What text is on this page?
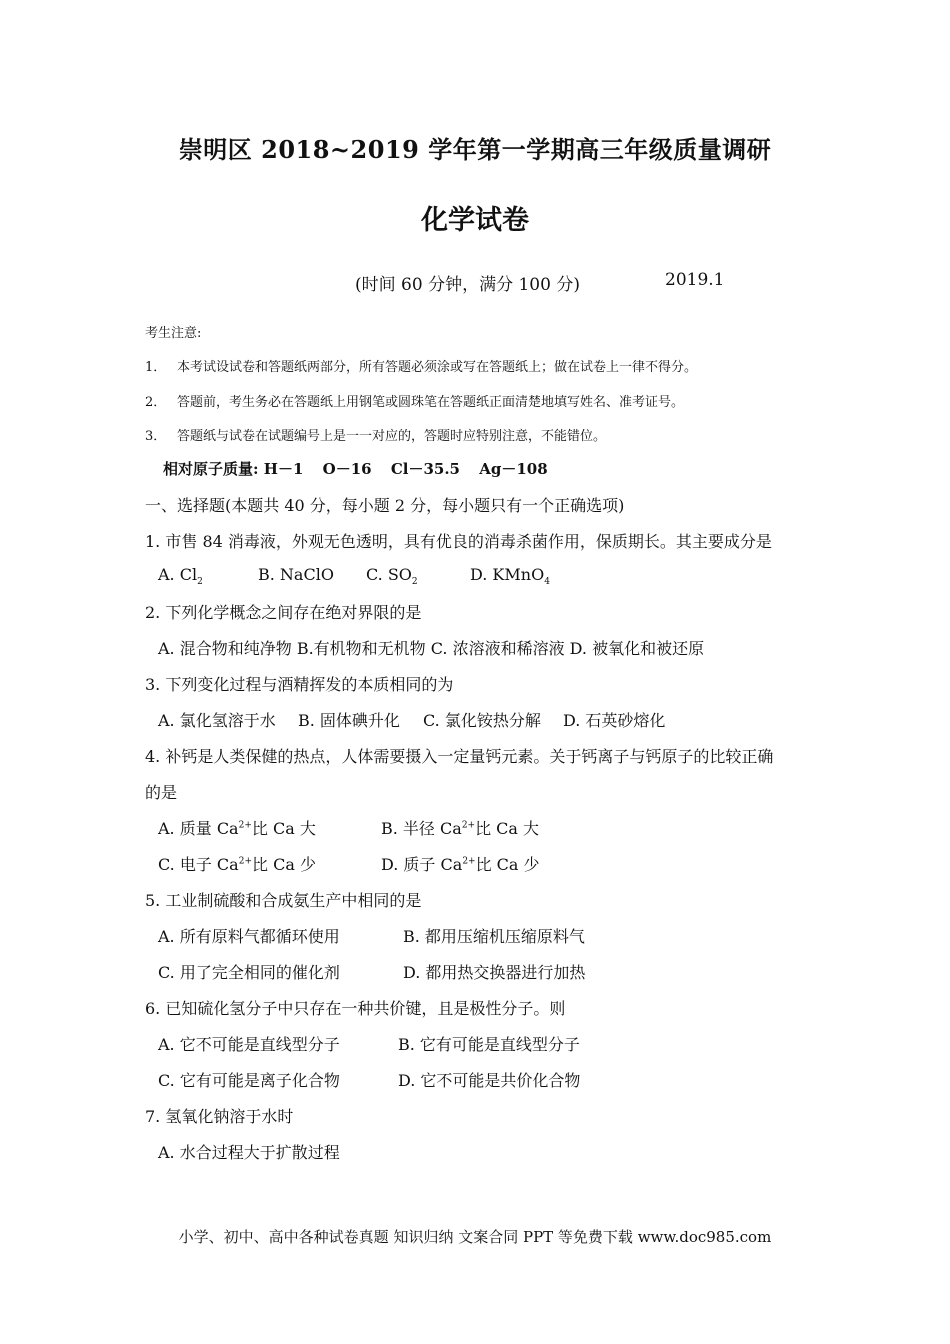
崇明区 2018~2019 学年第一学期高三年级质量调研
化学试卷
(时间 60 分钟，满分 100 分)	2019.1
考生注意:
1． 本考试设试卷和答题纸两部分，所有答题必须涂或写在答题纸上；做在试卷上一律不得分。
2． 答题前，考生务必在答题纸上用钢笔或圆珠笔在答题纸正面清楚地填写姓名、准考证号。
3． 答题纸与试卷在试题编号上是一一对应的，答题时应特别注意，不能错位。
相对原子质量: H－1 O－16 Cl－35.5 Ag－108
一、选择题(本题共 40 分，每小题 2 分，每小题只有一个正确选项)
1. 市售 84 消毒液，外观无色透明，具有优良的消毒杀菌作用，保质期长。其主要成分是
A. $Cl_2$	B. NaClO C. $SO_2$	D. KMnO$_4$
2. 下列化学概念之间存在绝对界限的是
A. 混合物和纯净物 B.有机物和无机物 C. 浓溶液和稀溶液 D. 被氧化和被还原
3. 下列变化过程与酒精挥发的本质相同的为
A. 氯化氢溶于水 B. 固体碘升化 C. 氯化铵热分解 D. 石英砂熔化
4. 补钙是人类保健的热点，人体需要摄入一定量钙元素。关于钙离子与钙原子的比较正确
的是
A. 质量 $Ca^{2+}$比 Ca 大	B. 半径 $Ca^{2+}$比 Ca 大
C. 电子 $Ca^{2+}$比 Ca 少	D. 质子 $Ca^{2+}$比 Ca 少
5. 工业制硫酸和合成氨生产中相同的是
A. 所有原料气都循环使用	B. 都用压缩机压缩原料气
C. 用了完全相同的催化剂	D. 都用热交换器进行加热
6. 已知硫化氢分子中只存在一种共价键，且是极性分子。则
A. 它不可能是直线型分子	B. 它有可能是直线型分子
C. 它有可能是离子化合物	D. 它不可能是共价化合物
7. 氢氧化钠溶于水时
A. 水合过程大于扩散过程
小学、初中、高中各种试卷真题 知识归纳 文案合同 PPT 等免费下载 www.doc985.com
